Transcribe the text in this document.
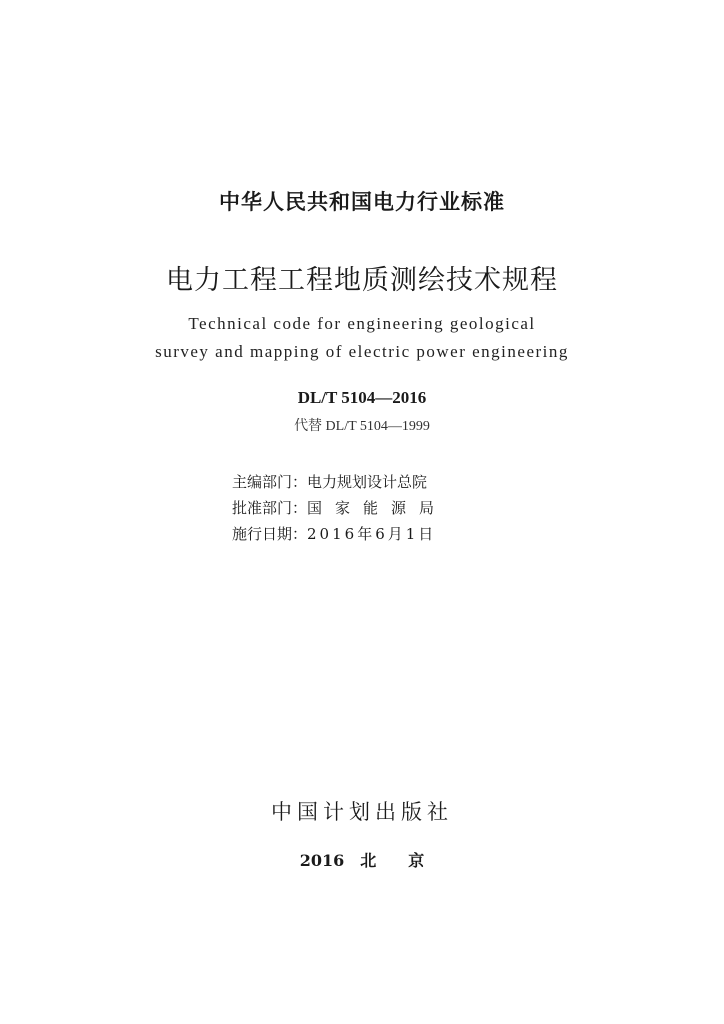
中华人民共和国电力行业标准
电力工程工程地质测绘技术规程
Technical code for engineering geological
survey and mapping of electric power engineering
DL/T 5104—2016
代替 DL/T 5104—1999
主编部门：电力规划设计总院
批准部门：国家能源局
施行日期：2016年6月1日
中国计划出版社
2016 北　　京
